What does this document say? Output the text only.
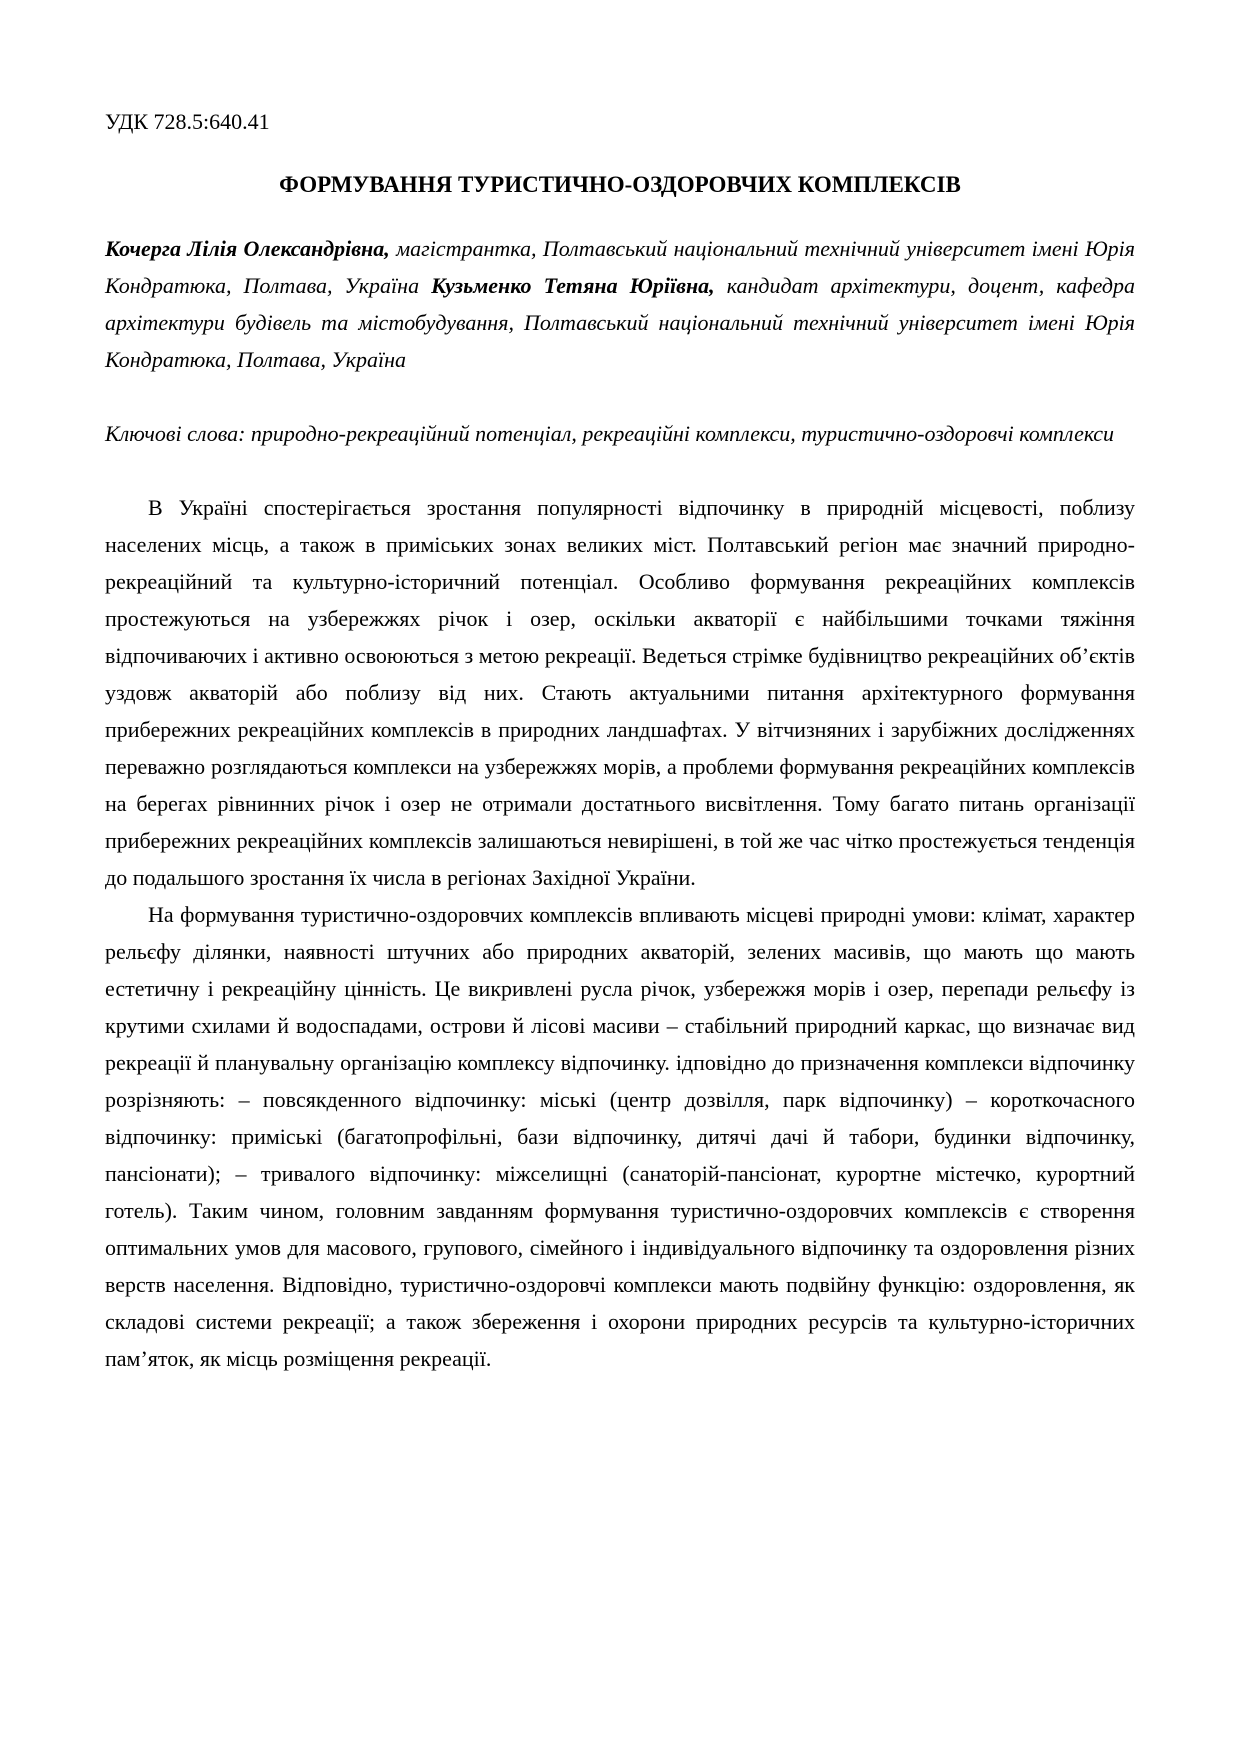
УДК 728.5:640.41

ФОРМУВАННЯ ТУРИСТИЧНО-ОЗДОРОВЧИХ КОМПЛЕКСІВ

Кочерга Лілія Олександрівна, магістрантка, Полтавський національний технічний університет імені Юрія Кондратюка, Полтава, Україна Кузьменко Тетяна Юріївна, кандидат архітектури, доцент, кафедра архітектури будівель та містобудування, Полтавський національний технічний університет імені Юрія Кондратюка, Полтава, Україна

Ключові слова: природно-рекреаційний потенціал, рекреаційні комплекси, туристично-оздоровчі комплекси

В Україні спостерігається зростання популярності відпочинку в природній місцевості, поблизу населених місць, а також в приміських зонах великих міст. Полтавський регіон має значний природно-рекреаційний та культурно-історичний потенціал. Особливо формування рекреаційних комплексів простежуються на узбережжях річок і озер, оскільки акваторії є найбільшими точками тяжіння відпочиваючих і активно освоюються з метою рекреації. Ведеться стрімке будівництво рекреаційних об’єктів уздовж акваторій або поблизу від них. Стають актуальними питання архітектурного формування прибережних рекреаційних комплексів в природних ландшафтах. У вітчизняних і зарубіжних дослідженнях переважно розглядаються комплекси на узбережжях морів, а проблеми формування рекреаційних комплексів на берегах рівнинних річок і озер не отримали достатнього висвітлення. Тому багато питань організації прибережних рекреаційних комплексів залишаються невирішені, в той же час чітко простежується тенденція до подальшого зростання їх числа в регіонах Західної України.

На формування туристично-оздоровчих комплексів впливають місцеві природні умови: клімат, характер рельєфу ділянки, наявності штучних або природних акваторій, зелених масивів, що мають що мають естетичну і рекреаційну цінність. Це викривлені русла річок, узбережжя морів і озер, перепади рельєфу із крутими схилами й водоспадами, острови й лісові масиви – стабільний природний каркас, що визначає вид рекреації й планувальну організацію комплексу відпочинку. ідповідно до призначення комплекси відпочинку розрізняють: – повсякденного відпочинку: міські (центр дозвілля, парк відпочинку) – короткочасного відпочинку: приміські (багатопрофільні, бази відпочинку, дитячі дачі й табори, будинки відпочинку, пансіонати); – тривалого відпочинку: міжселищні (санаторій-пансіонат, курортне містечко, курортний готель). Таким чином, головним завданням формування туристично-оздоровчих комплексів є створення оптимальних умов для масового, групового, сімейного і індивідуального відпочинку та оздоровлення різних верств населення. Відповідно, туристично-оздоровчі комплекси мають подвійну функцію: оздоровлення, як складові системи рекреації; а також збереження і охорони природних ресурсів та культурно-історичних пам’яток, як місць розміщення рекреації.
